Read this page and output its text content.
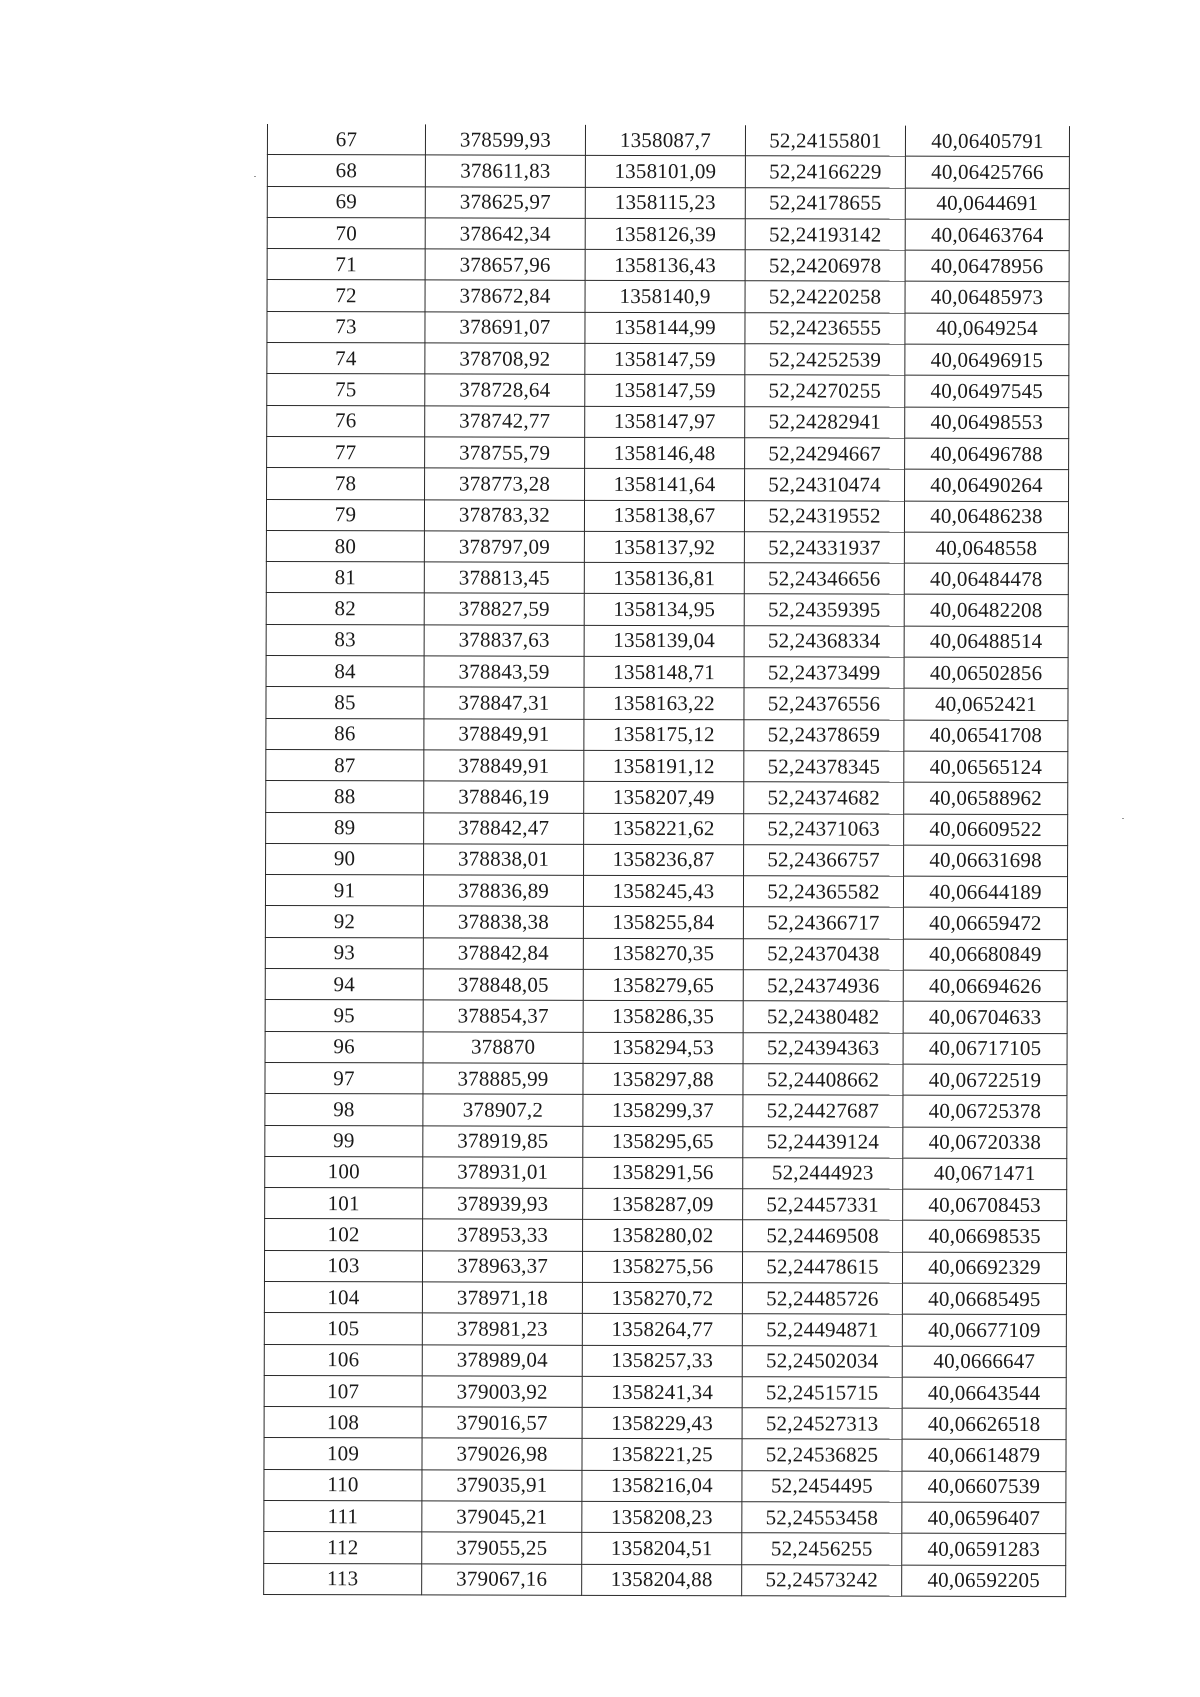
67	378599,93	1358087,7	52,24155801	40,06405791
68	378611,83	1358101,09	52,24166229	40,06425766
69	378625,97	1358115,23	52,24178655	40,0644691
70	378642,34	1358126,39	52,24193142	40,06463764
71	378657,96	1358136,43	52,24206978	40,06478956
72	378672,84	1358140,9	52,24220258	40,06485973
73	378691,07	1358144,99	52,24236555	40,0649254
74	378708,92	1358147,59	52,24252539	40,06496915
75	378728,64	1358147,59	52,24270255	40,06497545
76	378742,77	1358147,97	52,24282941	40,06498553
77	378755,79	1358146,48	52,24294667	40,06496788
78	378773,28	1358141,64	52,24310474	40,06490264
79	378783,32	1358138,67	52,24319552	40,06486238
80	378797,09	1358137,92	52,24331937	40,0648558
81	378813,45	1358136,81	52,24346656	40,06484478
82	378827,59	1358134,95	52,24359395	40,06482208
83	378837,63	1358139,04	52,24368334	40,06488514
84	378843,59	1358148,71	52,24373499	40,06502856
85	378847,31	1358163,22	52,24376556	40,0652421
86	378849,91	1358175,12	52,24378659	40,06541708
87	378849,91	1358191,12	52,24378345	40,06565124
88	378846,19	1358207,49	52,24374682	40,06588962
89	378842,47	1358221,62	52,24371063	40,06609522
90	378838,01	1358236,87	52,24366757	40,06631698
91	378836,89	1358245,43	52,24365582	40,06644189
92	378838,38	1358255,84	52,24366717	40,06659472
93	378842,84	1358270,35	52,24370438	40,06680849
94	378848,05	1358279,65	52,24374936	40,06694626
95	378854,37	1358286,35	52,24380482	40,06704633
96	378870	1358294,53	52,24394363	40,06717105
97	378885,99	1358297,88	52,24408662	40,06722519
98	378907,2	1358299,37	52,24427687	40,06725378
99	378919,85	1358295,65	52,24439124	40,06720338
100	378931,01	1358291,56	52,2444923	40,0671471
101	378939,93	1358287,09	52,24457331	40,06708453
102	378953,33	1358280,02	52,24469508	40,06698535
103	378963,37	1358275,56	52,24478615	40,06692329
104	378971,18	1358270,72	52,24485726	40,06685495
105	378981,23	1358264,77	52,24494871	40,06677109
106	378989,04	1358257,33	52,24502034	40,0666647
107	379003,92	1358241,34	52,24515715	40,06643544
108	379016,57	1358229,43	52,24527313	40,06626518
109	379026,98	1358221,25	52,24536825	40,06614879
110	379035,91	1358216,04	52,2454495	40,06607539
111	379045,21	1358208,23	52,24553458	40,06596407
112	379055,25	1358204,51	52,2456255	40,06591283
113	379067,16	1358204,88	52,24573242	40,06592205
